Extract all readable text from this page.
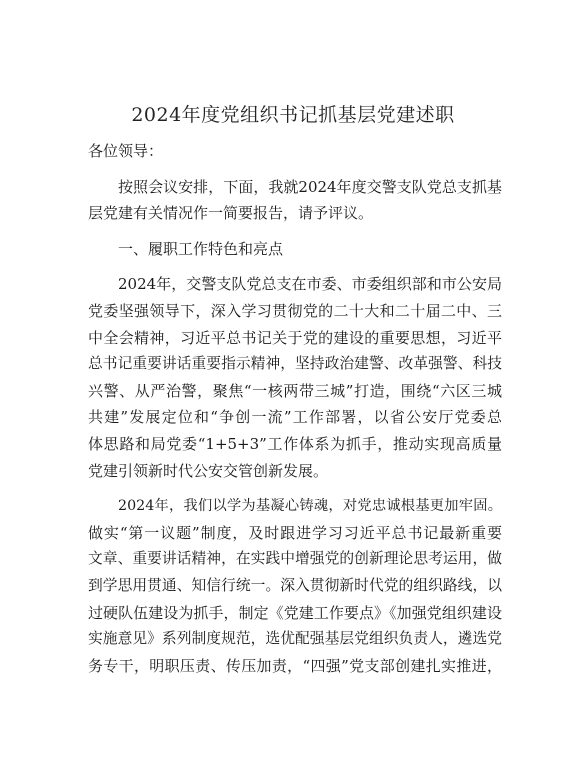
2024年度党组织书记抓基层党建述职
各位领导：
按照会议安排，下面，我就2024年度交警支队党总支抓基
层党建有关情况作一简要报告，请予评议。
一、履职工作特色和亮点
2024年，交警支队党总支在市委、市委组织部和市公安局
党委坚强领导下，深入学习贯彻党的二十大和二十届二中、三
中全会精神，习近平总书记关于党的建设的重要思想，习近平
总书记重要讲话重要指示精神，坚持政治建警、改革强警、科技
兴警、从严治警，聚焦“一核两带三城”打造，围绕“六区三城
共建”发展定位和“争创一流”工作部署，以省公安厅党委总
体思路和局党委“1+5+3”工作体系为抓手，推动实现高质量
党建引领新时代公安交管创新发展。
2024年，我们以学为基凝心铸魂，对党忠诚根基更加牢固。
做实“第一议题”制度，及时跟进学习习近平总书记最新重要
文章、重要讲话精神，在实践中增强党的创新理论思考运用，做
到学思用贯通、知信行统一。深入贯彻新时代党的组织路线，以
过硬队伍建设为抓手，制定《党建工作要点》《加强党组织建设
实施意见》系列制度规范，选优配强基层党组织负责人，遴选党
务专干，明职压责、传压加责，“四强”党支部创建扎实推进，
